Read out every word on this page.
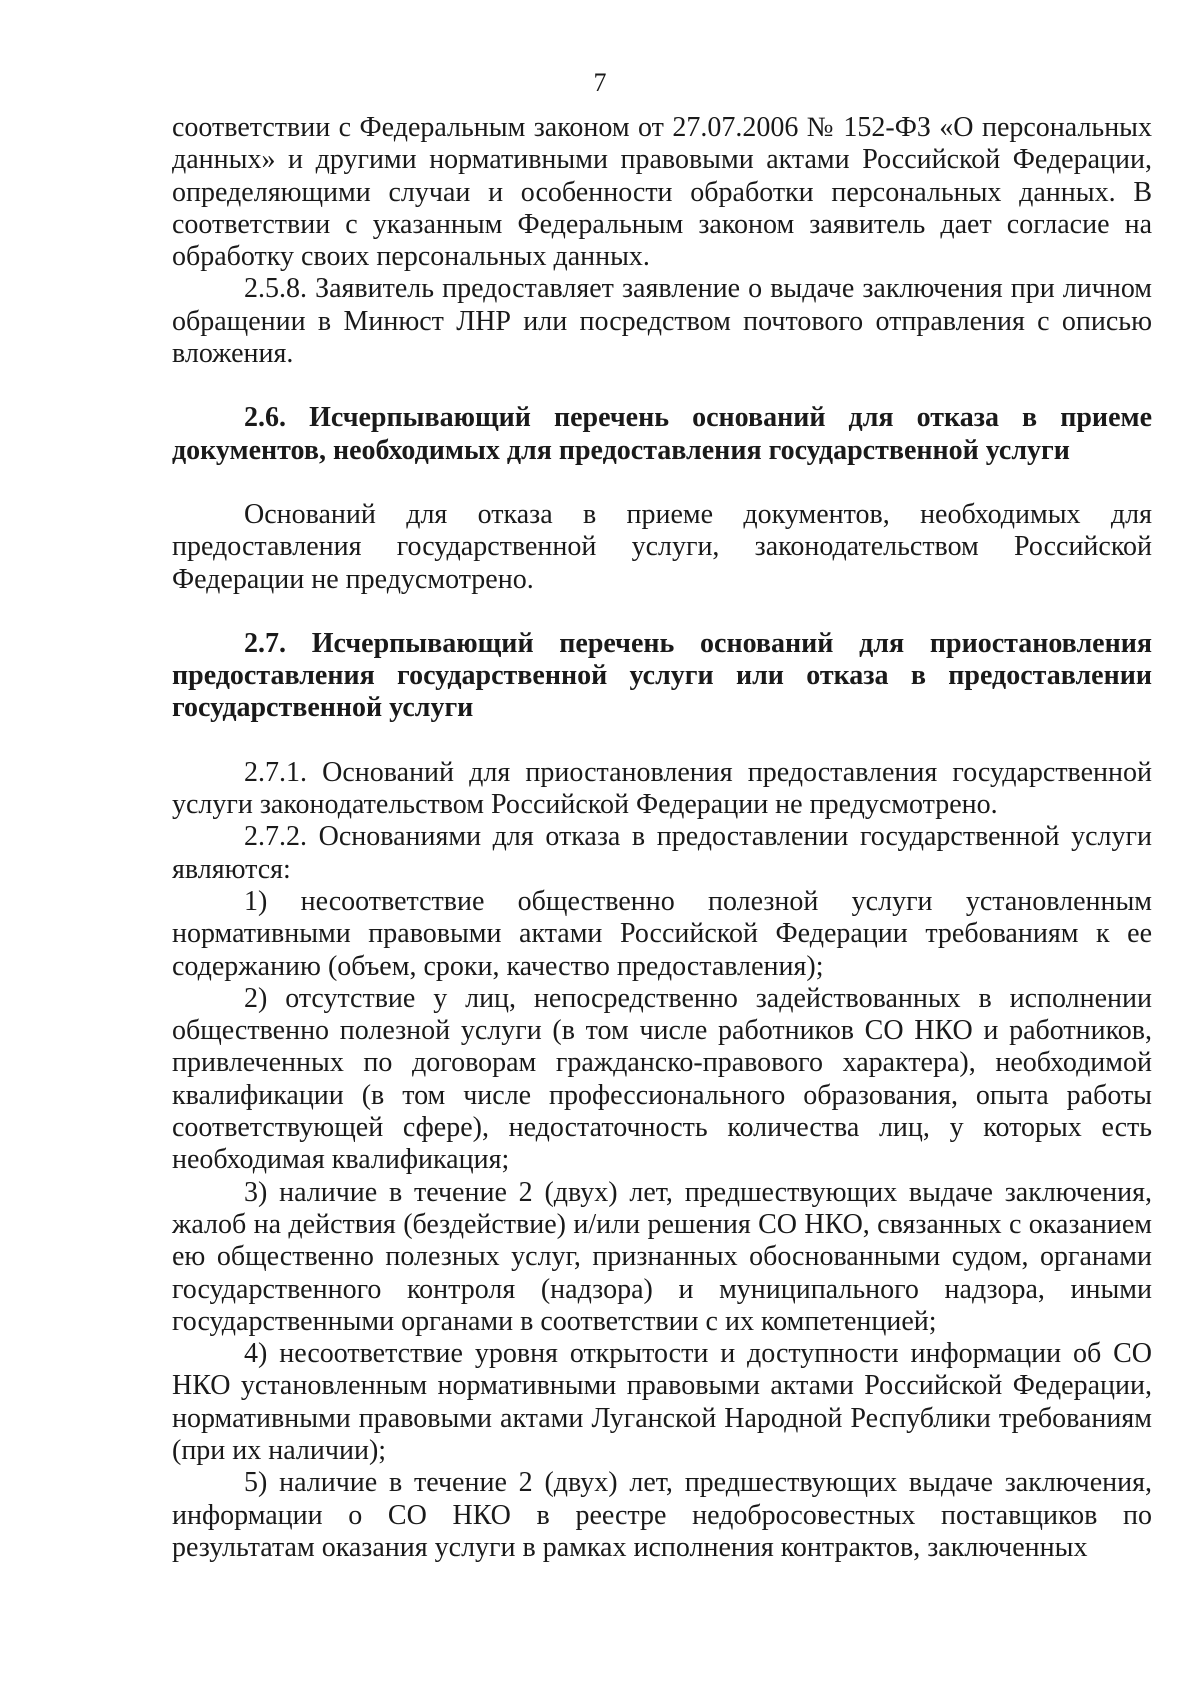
7

соответствии с Федеральным законом от 27.07.2006 № 152-ФЗ «О персональных данных» и другими нормативными правовыми актами Российской Федерации, определяющими случаи и особенности обработки персональных данных. В соответствии с указанным Федеральным законом заявитель дает согласие на обработку своих персональных данных.

2.5.8. Заявитель предоставляет заявление о выдаче заключения при личном обращении в Минюст ЛНР или посредством почтового отправления с описью вложения.

2.6. Исчерпывающий перечень оснований для отказа в приеме документов, необходимых для предоставления государственной услуги

Оснований для отказа в приеме документов, необходимых для предоставления государственной услуги, законодательством Российской Федерации не предусмотрено.

2.7. Исчерпывающий перечень оснований для приостановления предоставления государственной услуги или отказа в предоставлении государственной услуги

2.7.1. Оснований для приостановления предоставления государственной услуги законодательством Российской Федерации не предусмотрено.

2.7.2. Основаниями для отказа в предоставлении государственной услуги являются:

1) несоответствие общественно полезной услуги установленным нормативными правовыми актами Российской Федерации требованиям к ее содержанию (объем, сроки, качество предоставления);

2) отсутствие у лиц, непосредственно задействованных в исполнении общественно полезной услуги (в том числе работников СО НКО и работников, привлеченных по договорам гражданско-правового характера), необходимой квалификации (в том числе профессионального образования, опыта работы соответствующей сфере), недостаточность количества лиц, у которых есть необходимая квалификация;

3) наличие в течение 2 (двух) лет, предшествующих выдаче заключения, жалоб на действия (бездействие) и/или решения СО НКО, связанных с оказанием ею общественно полезных услуг, признанных обоснованными судом, органами государственного контроля (надзора) и муниципального надзора, иными государственными органами в соответствии с их компетенцией;

4) несоответствие уровня открытости и доступности информации об СО НКО установленным нормативными правовыми актами Российской Федерации, нормативными правовыми актами Луганской Народной Республики требованиям (при их наличии);

5) наличие в течение 2 (двух) лет, предшествующих выдаче заключения, информации о СО НКО в реестре недобросовестных поставщиков по результатам оказания услуги в рамках исполнения контрактов, заключенных
